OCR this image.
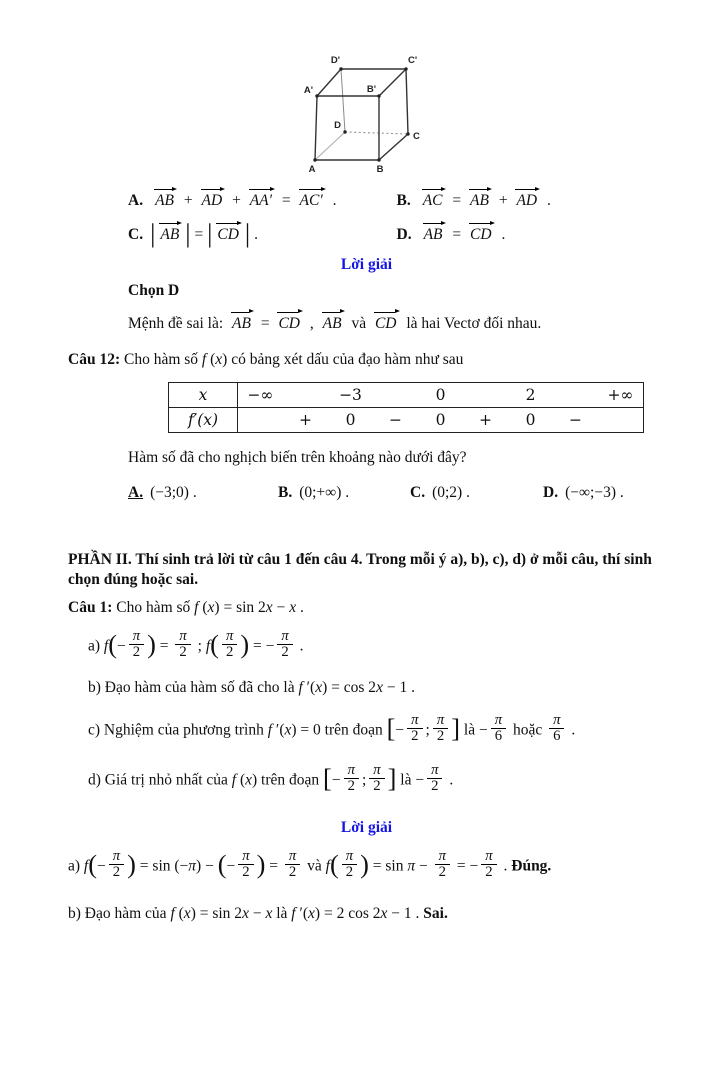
A	B
C
D
A'	B'
C'
D'
A. AB + AD + AA′ = AC′ .	B. AC = AB + AD .
C. | AB | = | CD | .	D. AB = CD .
Lời giải
Chọn D
Mệnh đề sai là: AB = CD , AB và CD là hai Vectơ đối nhau.
Câu 12: Cho hàm số f (x) có bảng xét dấu của đạo hàm như sau
x	−∞		−3		0		2		+∞
f′(x)		+	0	−	0	+	0	−	
Hàm số đã cho nghịch biến trên khoảng nào dưới đây?
A. (−3;0) .	B. (0;+∞) .	C. (0;2) .	D. (−∞;−3) .
PHẦN II. Thí sinh trả lời từ câu 1 đến câu 4. Trong mỗi ý a), b), c), d) ở mỗi câu, thí sinh chọn đúng hoặc sai.
Câu 1: Cho hàm số f (x) = sin 2x − x .
a) $f(- \frac{\pi}{2}$ ) = $\frac{\pi}{2}$ ; $f( \frac{\pi}{2}$ ) = − $\frac{\pi}{2}$ .
b) Đạo hàm của hàm số đã cho là f ′(x) = cos 2x − 1 .
c) Nghiệm của phương trình f ′(x) = 0 trên đoạn [− $\frac{\pi}{2}$ ; $\frac{\pi}{2}$ ] là − $\frac{\pi}{6}$ hoặc $\frac{\pi}{6}$ .
d) Giá trị nhỏ nhất của f (x) trên đoạn [− $\frac{\pi}{2}$ ; $\frac{\pi}{2}$ ] là − $\frac{\pi}{2}$ .
Lời giải
a) $f(- \frac{\pi}{2}$ ) = sin (−π) − (− $\frac{\pi}{2}$ ) = $\frac{\pi}{2}$ và $f( \frac{\pi}{2}$ ) = $\sin \pi - \frac{\pi}{2}$ = − $\frac{\pi}{2}$ . Đúng.
b) Đạo hàm của f (x) = sin 2x − x là f ′(x) = 2 cos 2x − 1 . Sai.
